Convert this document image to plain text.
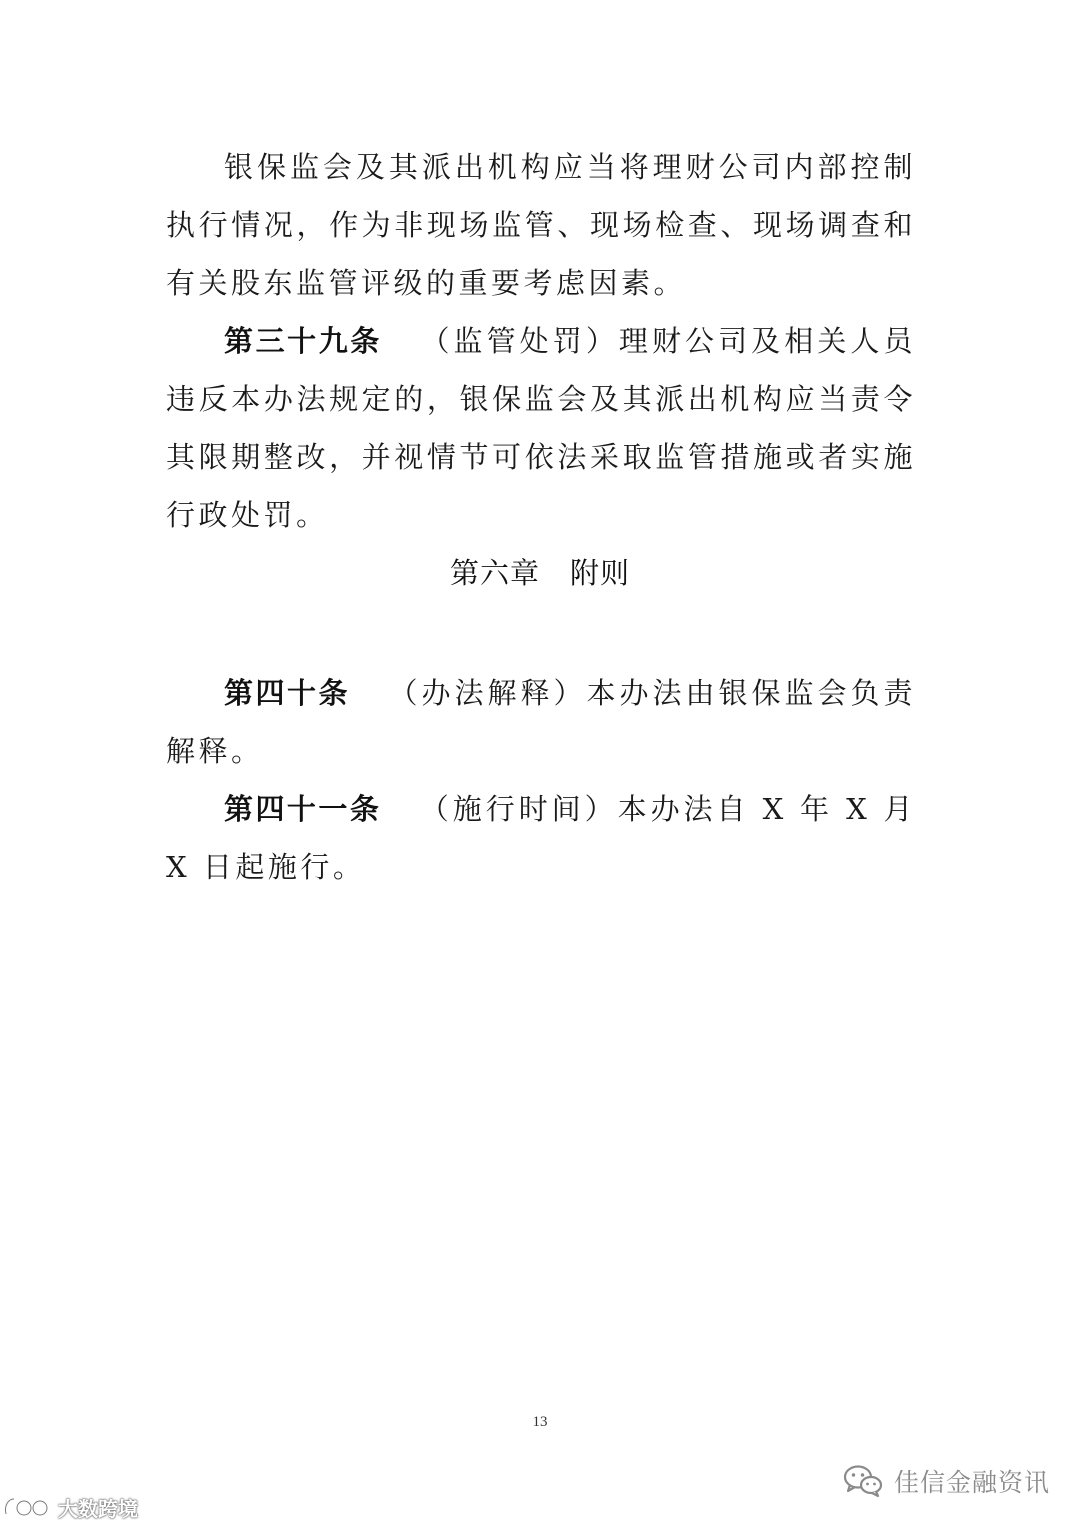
银保监会及其派出机构应当将理财公司内部控制执行情况，作为非现场监管、现场检查、现场调查和有关股东监管评级的重要考虑因素。

第三十九条 （监管处罚）理财公司及相关人员违反本办法规定的，银保监会及其派出机构应当责令其限期整改，并视情节可依法采取监管措施或者实施行政处罚。

第六章　附则

第四十条 （办法解释）本办法由银保监会负责解释。

第四十一条 （施行时间）本办法自 X 年 X 月 X 日起施行。

13
大数跨境
佳信金融资讯
